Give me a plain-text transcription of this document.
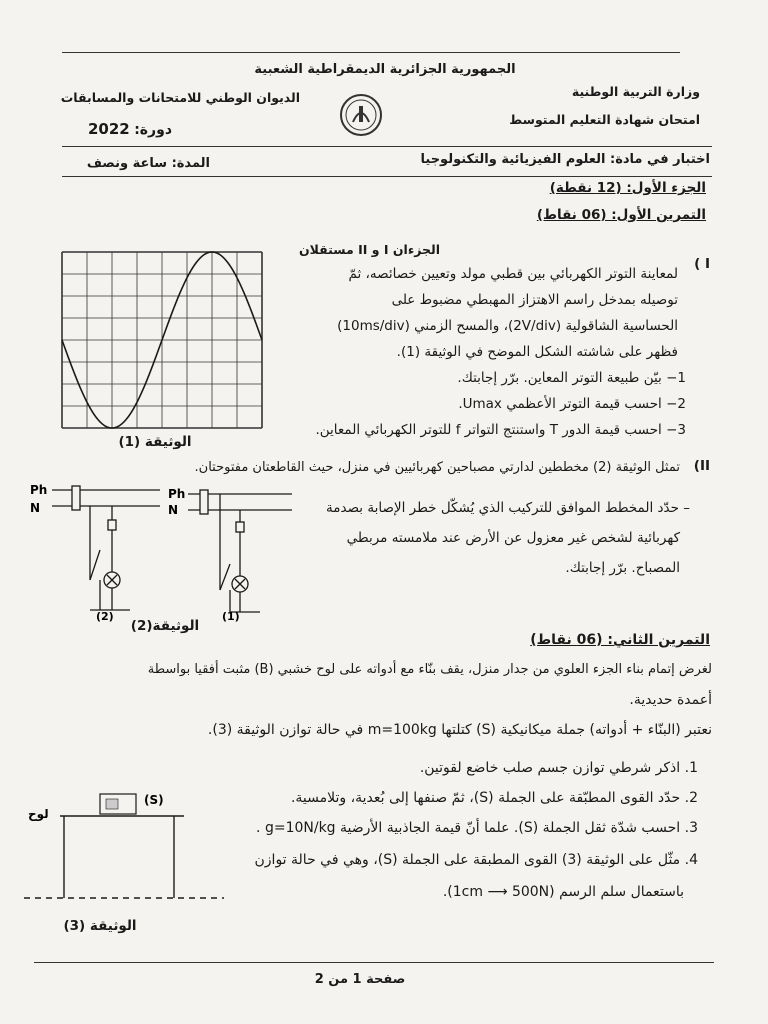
الجمهورية الجزائرية الديمقراطية الشعبية
وزارة التربية الوطنية
الديوان الوطني للامتحانات والمسابقات
امتحان شهادة التعليم المتوسط
دورة: 2022
اختبار في مادة: العلوم الفيزيائية والتكنولوجيا
المدة: ساعة ونصف
الجزء الأول: (12 نقطة)
التمرين الأول: (06 نقاط)
الجزءان I و II مستقلان
I )
لمعاينة التوتر الكهربائي بين قطبي مولد وتعيين خصائصه، ثمّ
توصيله بمدخل راسم الاهتزاز المهبطي مضبوط على
الحساسية الشاقولية (2V/div)، والمسح الزمني (10ms/div)
فظهر على شاشته الشكل الموضح في الوثيقة (1).
1− بيّن طبيعة التوتر المعاين. برّر إجابتك.
2− احسب قيمة التوتر الأعظمي Umax.
3− احسب قيمة الدور T واستنتج التواتر f للتوتر الكهربائي المعاين.
الوثيقة (1)
II)
تمثل الوثيقة (2) مخططين لدارتي مصباحين كهربائيين في منزل، حيث القاطعتان مفتوحتان.
– حدّد المخطط الموافق للتركيب الذي يُشكّل خطر الإصابة بصدمة
كهربائية لشخص غير معزول عن الأرض عند ملامسته مربطي
المصباح. برّر إجابتك.
Ph
N
Ph
N
(2)	(1)
الوثيقة(2)
التمرين الثاني: (06 نقاط)
لغرض إتمام بناء الجزء العلوي من جدار منزل، يقف بنّاء مع أدواته على لوح خشبي (B) مثبت أفقيا بواسطة
أعمدة حديدية.
نعتبر (البنّاء + أدواته) جملة ميكانيكية (S) كتلتها m=100kg في حالة توازن الوثيقة (3).
1. اذكر شرطي توازن جسم صلب خاضع لقوتين.
2. حدّد القوى المطبّقة على الجملة (S)، ثمّ صنفها إلى بُعدية، وتلامسية.
3. احسب شدّة ثقل الجملة (S). علما أنّ قيمة الجاذبية الأرضية g=10N/kg .
4. مثّل على الوثيقة (3) القوى المطبقة على الجملة (S)، وهي في حالة توازن
باستعمال سلم الرسم (1cm ⟶ 500N).
(S)
لوح
الوثيقة (3)
صفحة 1 من 2
